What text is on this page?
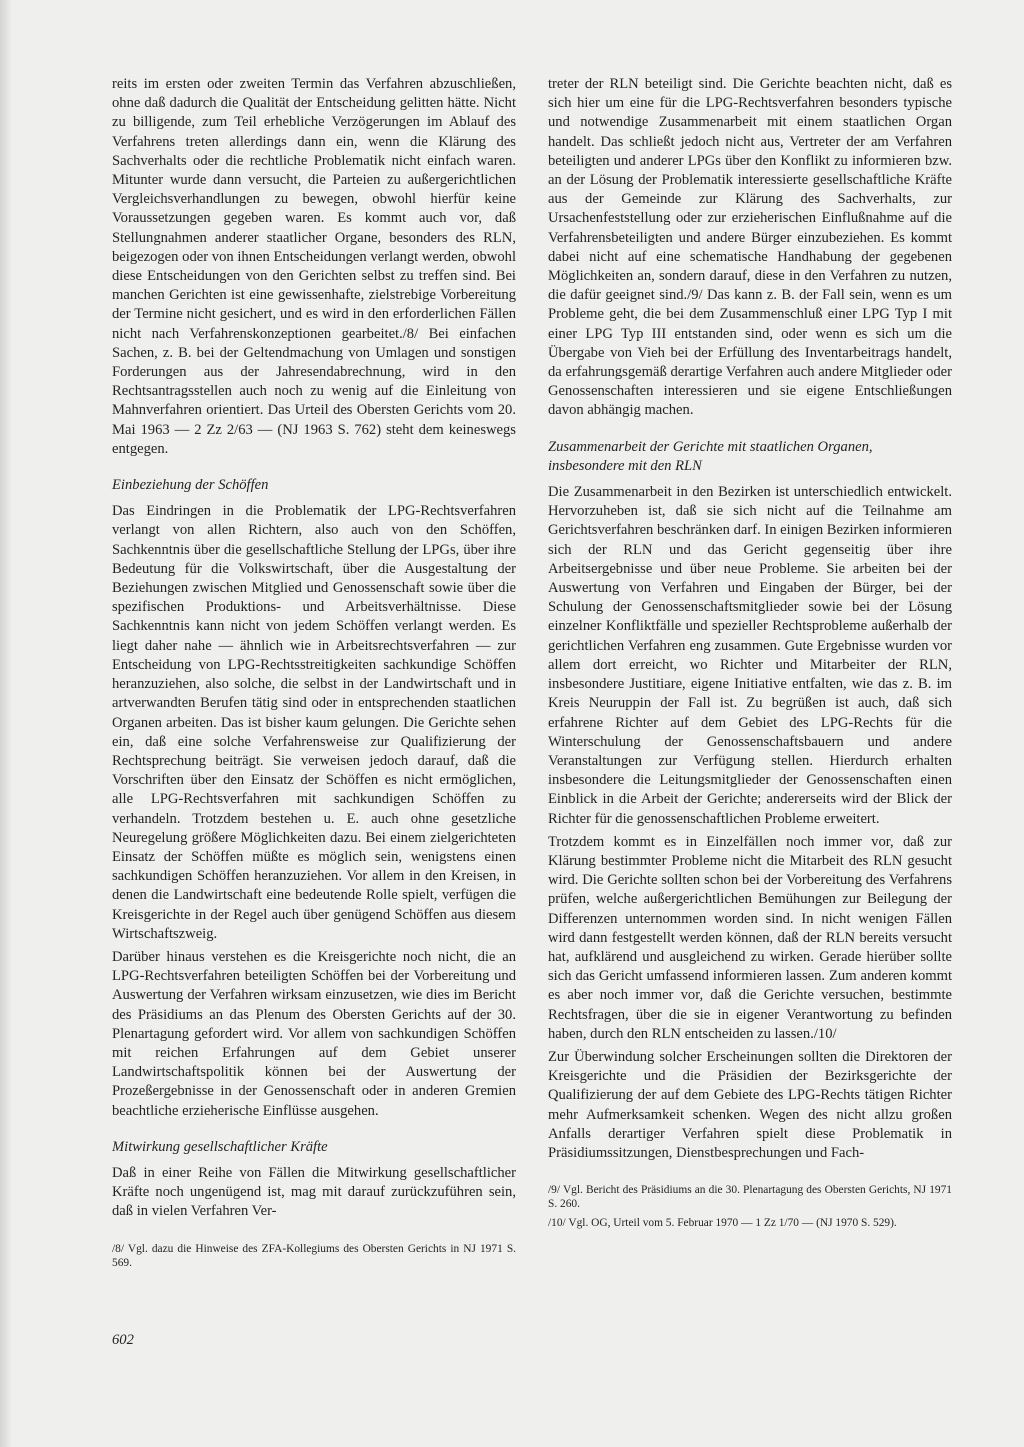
reits im ersten oder zweiten Termin das Verfahren abzuschließen, ohne daß dadurch die Qualität der Entscheidung gelitten hätte. Nicht zu billigende, zum Teil erhebliche Verzögerungen im Ablauf des Verfahrens treten allerdings dann ein, wenn die Klärung des Sachverhalts oder die rechtliche Problematik nicht einfach waren. Mitunter wurde dann versucht, die Parteien zu außergerichtlichen Vergleichsverhandlungen zu bewegen, obwohl hierfür keine Voraussetzungen gegeben waren. Es kommt auch vor, daß Stellungnahmen anderer staatlicher Organe, besonders des RLN, beigezogen oder von ihnen Entscheidungen verlangt werden, obwohl diese Entscheidungen von den Gerichten selbst zu treffen sind. Bei manchen Gerichten ist eine gewissenhafte, zielstrebige Vorbereitung der Termine nicht gesichert, und es wird in den erforderlichen Fällen nicht nach Verfahrenskonzeptionen gearbeitet./8/ Bei einfachen Sachen, z. B. bei der Geltendmachung von Umlagen und sonstigen Forderungen aus der Jahresendabrechnung, wird in den Rechtsantragsstellen auch noch zu wenig auf die Einleitung von Mahnverfahren orientiert. Das Urteil des Obersten Gerichts vom 20. Mai 1963 — 2 Zz 2/63 — (NJ 1963 S. 762) steht dem keineswegs entgegen.

Einbeziehung der Schöffen

Das Eindringen in die Problematik der LPG-Rechtsverfahren verlangt von allen Richtern, also auch von den Schöffen, Sachkenntnis über die gesellschaftliche Stellung der LPGs, über ihre Bedeutung für die Volkswirtschaft, über die Ausgestaltung der Beziehungen zwischen Mitglied und Genossenschaft sowie über die spezifischen Produktions- und Arbeitsverhältnisse. Diese Sachkenntnis kann nicht von jedem Schöffen verlangt werden. Es liegt daher nahe — ähnlich wie in Arbeitsrechtsverfahren — zur Entscheidung von LPG-Rechtsstreitigkeiten sachkundige Schöffen heranzuziehen, also solche, die selbst in der Landwirtschaft und in artverwandten Berufen tätig sind oder in entsprechenden staatlichen Organen arbeiten. Das ist bisher kaum gelungen. Die Gerichte sehen ein, daß eine solche Verfahrensweise zur Qualifizierung der Rechtsprechung beiträgt. Sie verweisen jedoch darauf, daß die Vorschriften über den Einsatz der Schöffen es nicht ermöglichen, alle LPG-Rechtsverfahren mit sachkundigen Schöffen zu verhandeln. Trotzdem bestehen u. E. auch ohne gesetzliche Neuregelung größere Möglichkeiten dazu. Bei einem zielgerichteten Einsatz der Schöffen müßte es möglich sein, wenigstens einen sachkundigen Schöffen heranzuziehen. Vor allem in den Kreisen, in denen die Landwirtschaft eine bedeutende Rolle spielt, verfügen die Kreisgerichte in der Regel auch über genügend Schöffen aus diesem Wirtschaftszweig.

Darüber hinaus verstehen es die Kreisgerichte noch nicht, die an LPG-Rechtsverfahren beteiligten Schöffen bei der Vorbereitung und Auswertung der Verfahren wirksam einzusetzen, wie dies im Bericht des Präsidiums an das Plenum des Obersten Gerichts auf der 30. Plenartagung gefordert wird. Vor allem von sachkundigen Schöffen mit reichen Erfahrungen auf dem Gebiet unserer Landwirtschaftspolitik können bei der Auswertung der Prozeßergebnisse in der Genossenschaft oder in anderen Gremien beachtliche erzieherische Einflüsse ausgehen.

Mitwirkung gesellschaftlicher Kräfte

Daß in einer Reihe von Fällen die Mitwirkung gesellschaftlicher Kräfte noch ungenügend ist, mag mit darauf zurückzuführen sein, daß in vielen Verfahren Ver-

/8/ Vgl. dazu die Hinweise des ZFA-Kollegiums des Obersten Gerichts in NJ 1971 S. 569.

treter der RLN beteiligt sind. Die Gerichte beachten nicht, daß es sich hier um eine für die LPG-Rechtsverfahren besonders typische und notwendige Zusammenarbeit mit einem staatlichen Organ handelt. Das schließt jedoch nicht aus, Vertreter der am Verfahren beteiligten und anderer LPGs über den Konflikt zu informieren bzw. an der Lösung der Problematik interessierte gesellschaftliche Kräfte aus der Gemeinde zur Klärung des Sachverhalts, zur Ursachenfeststellung oder zur erzieherischen Einflußnahme auf die Verfahrensbeteiligten und andere Bürger einzubeziehen. Es kommt dabei nicht auf eine schematische Handhabung der gegebenen Möglichkeiten an, sondern darauf, diese in den Verfahren zu nutzen, die dafür geeignet sind./9/ Das kann z. B. der Fall sein, wenn es um Probleme geht, die bei dem Zusammenschluß einer LPG Typ I mit einer LPG Typ III entstanden sind, oder wenn es sich um die Übergabe von Vieh bei der Erfüllung des Inventarbeitrags handelt, da erfahrungsgemäß derartige Verfahren auch andere Mitglieder oder Genossenschaften interessieren und sie eigene Entschließungen davon abhängig machen.

Zusammenarbeit der Gerichte mit staatlichen Organen, insbesondere mit den RLN

Die Zusammenarbeit in den Bezirken ist unterschiedlich entwickelt. Hervorzuheben ist, daß sie sich nicht auf die Teilnahme am Gerichtsverfahren beschränken darf. In einigen Bezirken informieren sich der RLN und das Gericht gegenseitig über ihre Arbeitsergebnisse und über neue Probleme. Sie arbeiten bei der Auswertung von Verfahren und Eingaben der Bürger, bei der Schulung der Genossenschaftsmitglieder sowie bei der Lösung einzelner Konfliktfälle und spezieller Rechtsprobleme außerhalb der gerichtlichen Verfahren eng zusammen. Gute Ergebnisse wurden vor allem dort erreicht, wo Richter und Mitarbeiter der RLN, insbesondere Justitiare, eigene Initiative entfalten, wie das z. B. im Kreis Neuruppin der Fall ist. Zu begrüßen ist auch, daß sich erfahrene Richter auf dem Gebiet des LPG-Rechts für die Winterschulung der Genossenschaftsbauern und andere Veranstaltungen zur Verfügung stellen. Hierdurch erhalten insbesondere die Leitungsmitglieder der Genossenschaften einen Einblick in die Arbeit der Gerichte; andererseits wird der Blick der Richter für die genossenschaftlichen Probleme erweitert.

Trotzdem kommt es in Einzelfällen noch immer vor, daß zur Klärung bestimmter Probleme nicht die Mitarbeit des RLN gesucht wird. Die Gerichte sollten schon bei der Vorbereitung des Verfahrens prüfen, welche außergerichtlichen Bemühungen zur Beilegung der Differenzen unternommen worden sind. In nicht wenigen Fällen wird dann festgestellt werden können, daß der RLN bereits versucht hat, aufklärend und ausgleichend zu wirken. Gerade hierüber sollte sich das Gericht umfassend informieren lassen. Zum anderen kommt es aber noch immer vor, daß die Gerichte versuchen, bestimmte Rechtsfragen, über die sie in eigener Verantwortung zu befinden haben, durch den RLN entscheiden zu lassen./10/

Zur Überwindung solcher Erscheinungen sollten die Direktoren der Kreisgerichte und die Präsidien der Bezirksgerichte der Qualifizierung der auf dem Gebiete des LPG-Rechts tätigen Richter mehr Aufmerksamkeit schenken. Wegen des nicht allzu großen Anfalls derartiger Verfahren spielt diese Problematik in Präsidiumssitzungen, Dienstbesprechungen und Fach-

/9/ Vgl. Bericht des Präsidiums an die 30. Plenartagung des Obersten Gerichts, NJ 1971 S. 260.

/10/ Vgl. OG, Urteil vom 5. Februar 1970 — 1 Zz 1/70 — (NJ 1970 S. 529).

602
